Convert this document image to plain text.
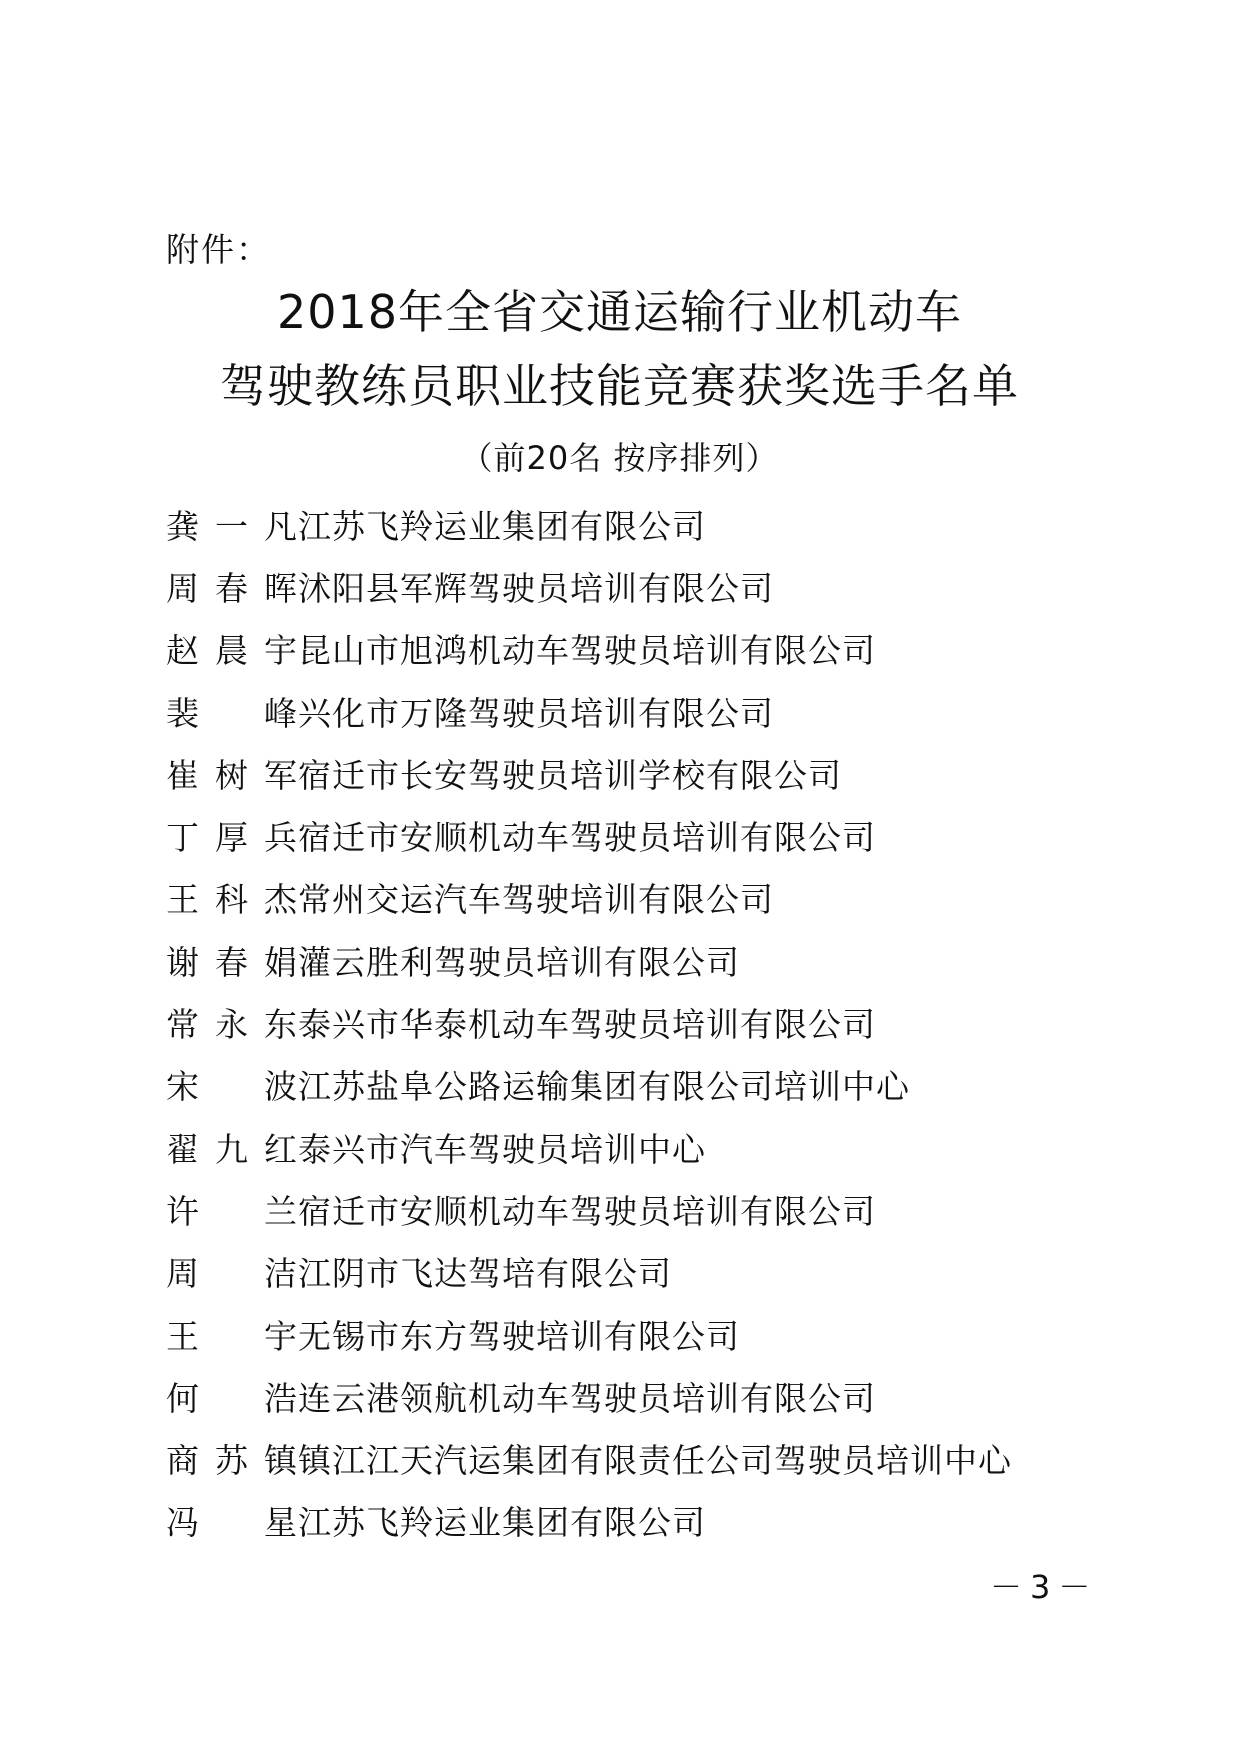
附件：
2018年全省交通运输行业机动车
驾驶教练员职业技能竞赛获奖选手名单
（前20名 按序排列）
龚一凡 江苏飞羚运业集团有限公司
周春晖 沭阳县军辉驾驶员培训有限公司
赵晨宇 昆山市旭鸿机动车驾驶员培训有限公司
裴峰 兴化市万隆驾驶员培训有限公司
崔树军 宿迁市长安驾驶员培训学校有限公司
丁厚兵 宿迁市安顺机动车驾驶员培训有限公司
王科杰 常州交运汽车驾驶培训有限公司
谢春娟 灌云胜利驾驶员培训有限公司
常永东 泰兴市华泰机动车驾驶员培训有限公司
宋波 江苏盐阜公路运输集团有限公司培训中心
翟九红 泰兴市汽车驾驶员培训中心
许兰 宿迁市安顺机动车驾驶员培训有限公司
周洁 江阴市飞达驾培有限公司
王宇 无锡市东方驾驶培训有限公司
何浩 连云港领航机动车驾驶员培训有限公司
商苏镇 镇江江天汽运集团有限责任公司驾驶员培训中心
冯星 江苏飞羚运业集团有限公司
－3－
